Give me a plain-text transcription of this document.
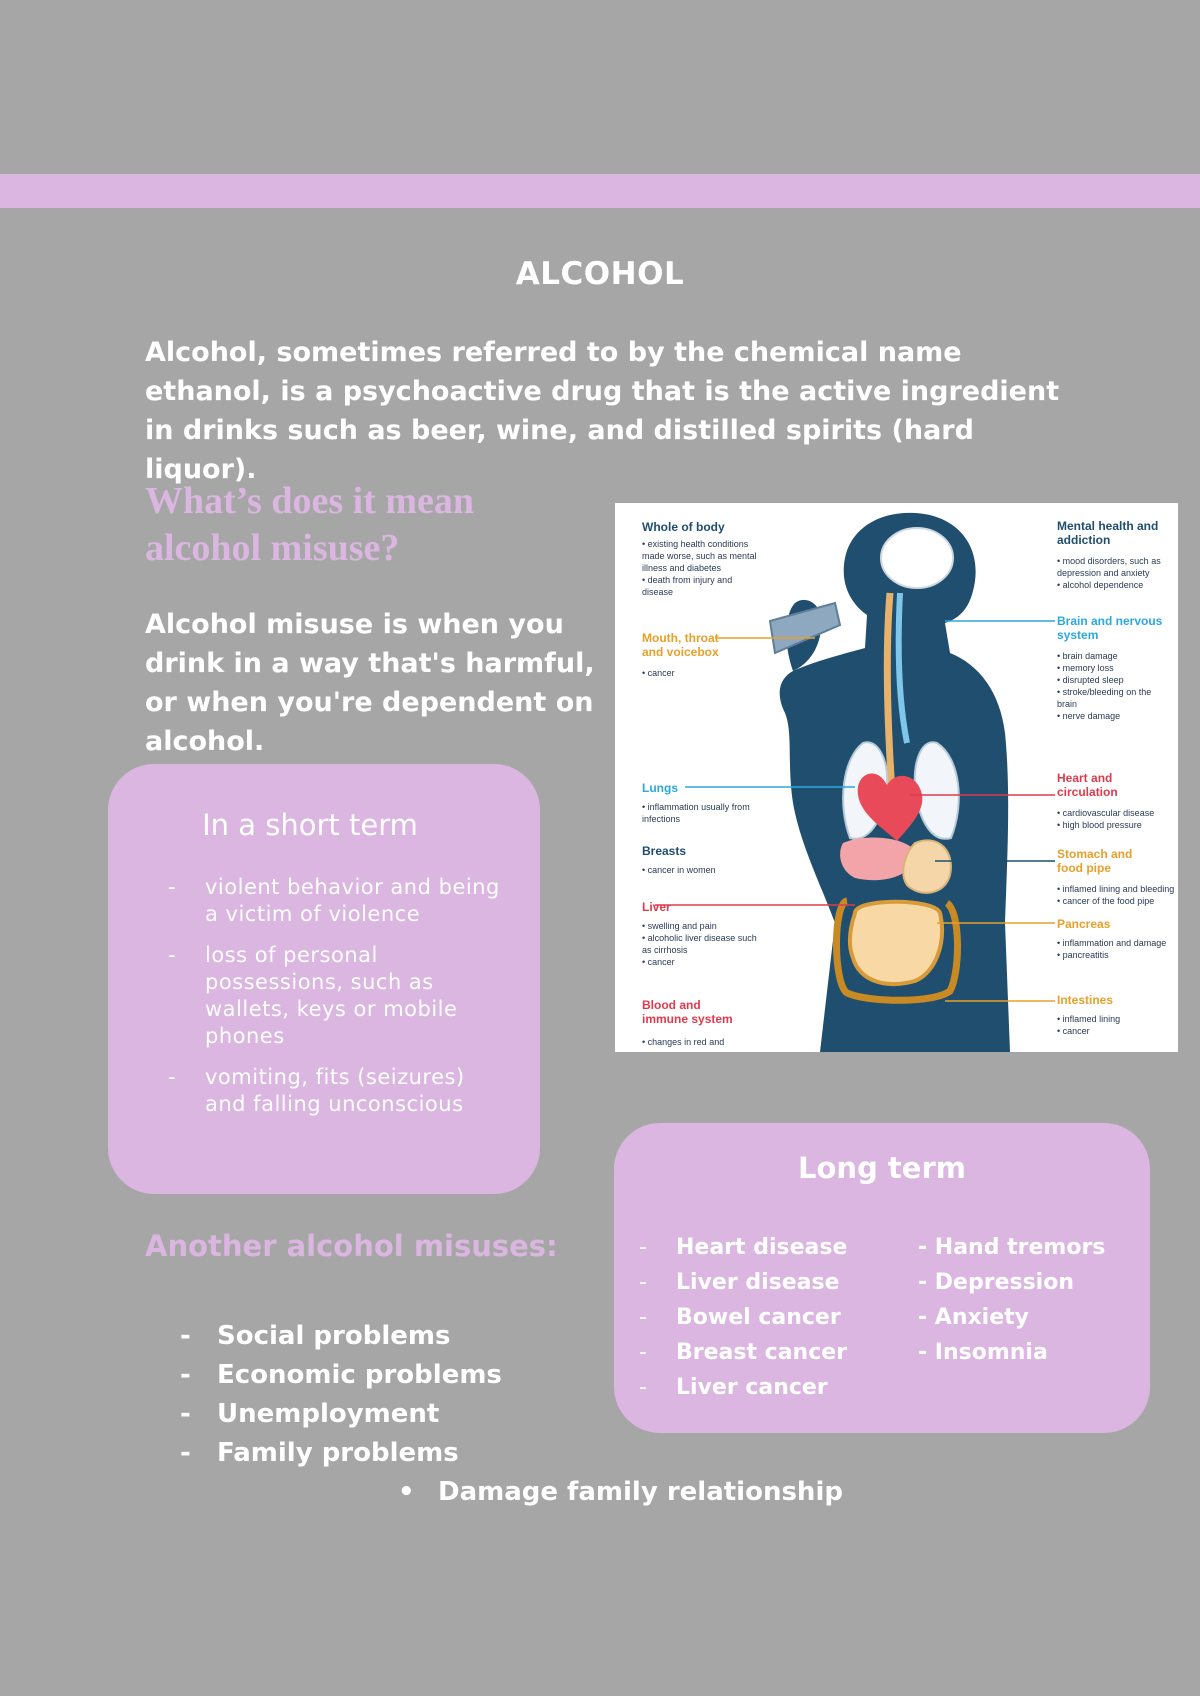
ALCOHOL
Alcohol, sometimes referred to by the chemical name ethanol, is a psychoactive drug that is the active ingredient in drinks such as beer, wine, and distilled spirits (hard liquor).
What’s does it mean alcohol misuse?
Alcohol misuse is when you drink in a way that's harmful, or when you're dependent on alcohol.
In a short term
- violent behavior and being a victim of violence
- loss of personal possessions, such as wallets, keys or mobile phones
- vomiting, fits (seizures) and falling unconscious
Another alcohol misuses:
- Social problems
- Economic problems
- Unemployment
- Family problems
• Damage family relationship
Long term
- Heart disease
- Liver disease
- Bowel cancer
- Breast cancer
- Liver cancer
- Hand tremors
- Depression
- Anxiety
- Insomnia
Whole of body
• existing health conditions made worse, such as mental illness and diabetes
• death from injury and disease
Mental health and addiction
• mood disorders, such as depression and anxiety
• alcohol dependence
Mouth, throat and voicebox
• cancer
Brain and nervous system
• brain damage
• memory loss
• disrupted sleep
• stroke/bleeding on the brain
• nerve damage
Lungs
• inflammation usually from infections
Heart and circulation
• cardiovascular disease
• high blood pressure
Breasts
• cancer in women
Stomach and food pipe
• inflamed lining and bleeding
• cancer of the food pipe
Liver
• swelling and pain
• alcoholic liver disease such as cirrhosis
• cancer
Pancreas
• inflammation and damage
• pancreatitis
Blood and immune system
• changes in red and
Intestines
• inflamed lining
• cancer
